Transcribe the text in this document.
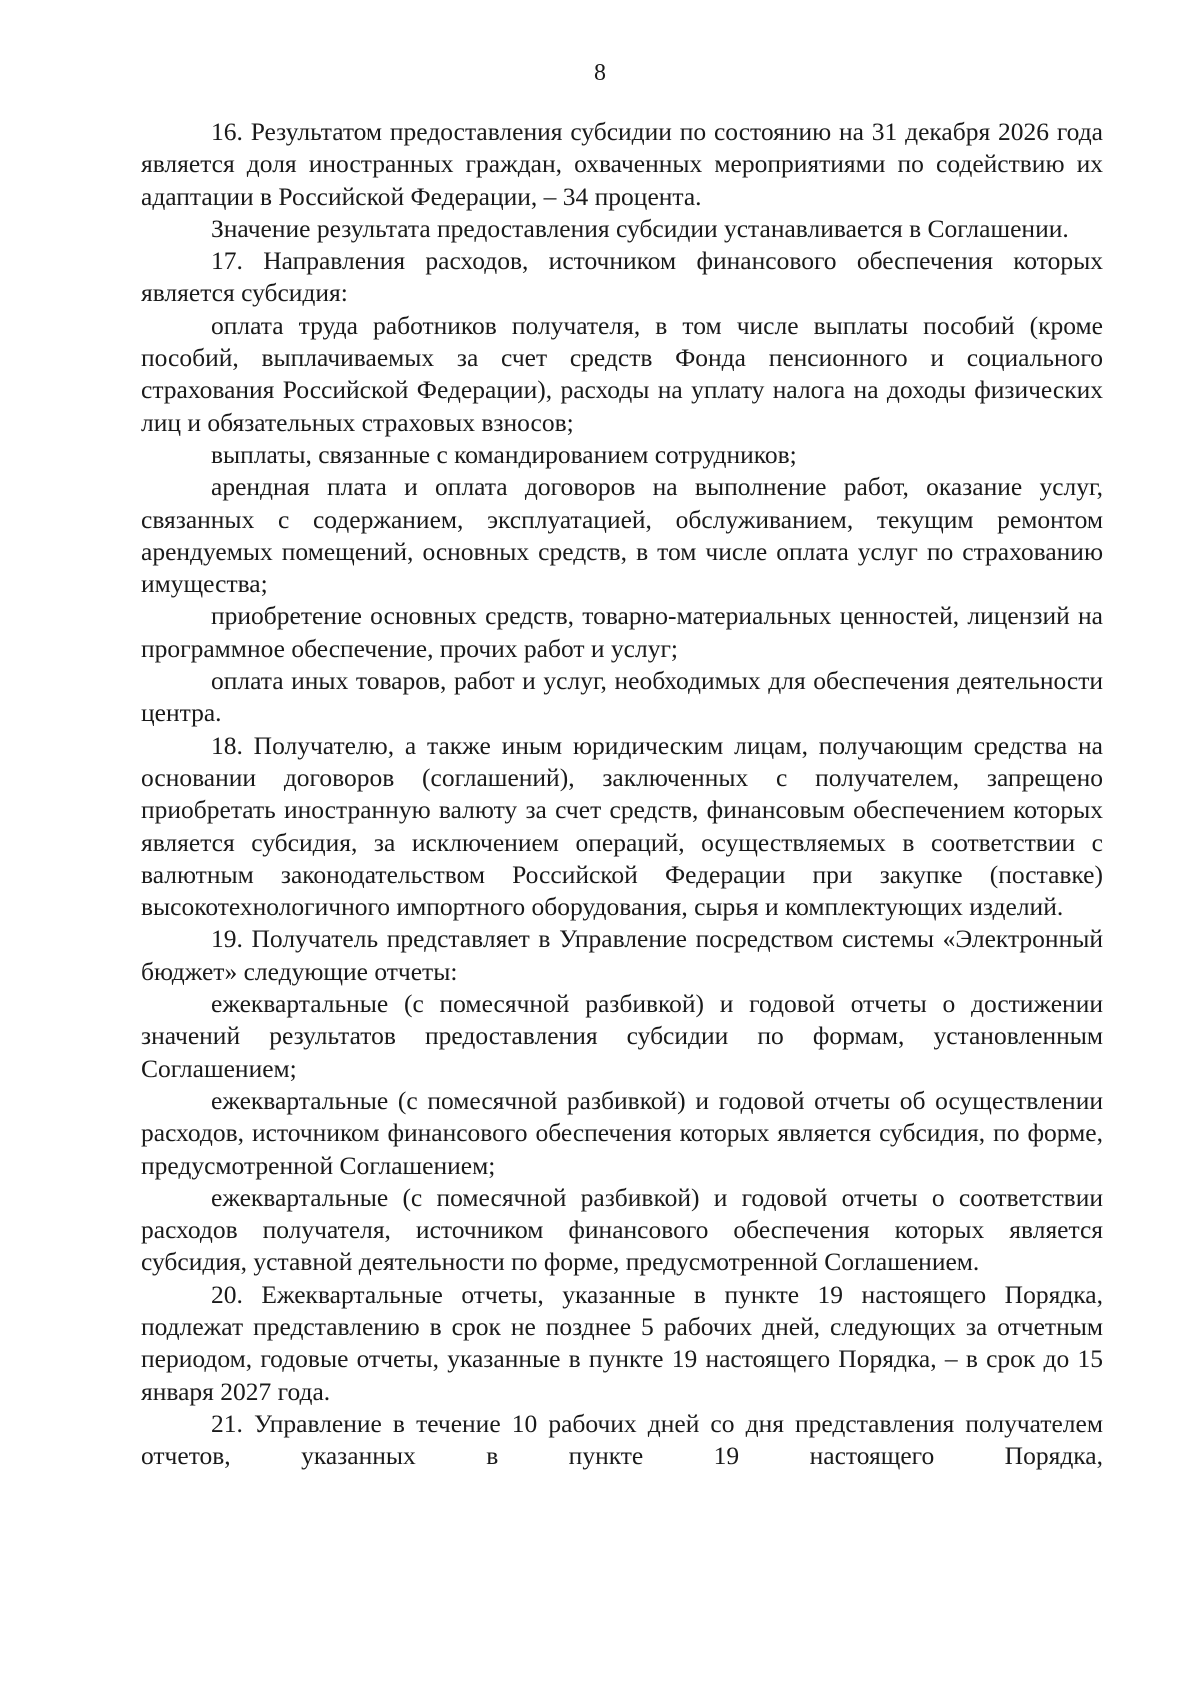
8

16. Результатом предоставления субсидии по состоянию на 31 декабря 2026 года является доля иностранных граждан, охваченных мероприятиями по содействию их адаптации в Российской Федерации, – 34 процента.

Значение результата предоставления субсидии устанавливается в Соглашении.

17. Направления расходов, источником финансового обеспечения которых является субсидия:

оплата труда работников получателя, в том числе выплаты пособий (кроме пособий, выплачиваемых за счет средств Фонда пенсионного и социального страхования Российской Федерации), расходы на уплату налога на доходы физических лиц и обязательных страховых взносов;

выплаты, связанные с командированием сотрудников;

арендная плата и оплата договоров на выполнение работ, оказание услуг, связанных с содержанием, эксплуатацией, обслуживанием, текущим ремонтом арендуемых помещений, основных средств, в том числе оплата услуг по страхованию имущества;

приобретение основных средств, товарно-материальных ценностей, лицензий на программное обеспечение, прочих работ и услуг;

оплата иных товаров, работ и услуг, необходимых для обеспечения деятельности центра.

18. Получателю, а также иным юридическим лицам, получающим средства на основании договоров (соглашений), заключенных с получателем, запрещено приобретать иностранную валюту за счет средств, финансовым обеспечением которых является субсидия, за исключением операций, осуществляемых в соответствии с валютным законодательством Российской Федерации при закупке (поставке) высокотехнологичного импортного оборудования, сырья и комплектующих изделий.

19. Получатель представляет в Управление посредством системы «Электронный бюджет» следующие отчеты:

ежеквартальные (с помесячной разбивкой) и годовой отчеты о достижении значений результатов предоставления субсидии по формам, установленным Соглашением;

ежеквартальные (с помесячной разбивкой) и годовой отчеты об осуществлении расходов, источником финансового обеспечения которых является субсидия, по форме, предусмотренной Соглашением;

ежеквартальные (с помесячной разбивкой) и годовой отчеты о соответствии расходов получателя, источником финансового обеспечения которых является субсидия, уставной деятельности по форме, предусмотренной Соглашением.

20. Ежеквартальные отчеты, указанные в пункте 19 настоящего Порядка, подлежат представлению в срок не позднее 5 рабочих дней, следующих за отчетным периодом, годовые отчеты, указанные в пункте 19 настоящего Порядка, – в срок до 15 января 2027 года.

21. Управление в течение 10 рабочих дней со дня представления получателем отчетов, указанных в пункте 19 настоящего Порядка,
